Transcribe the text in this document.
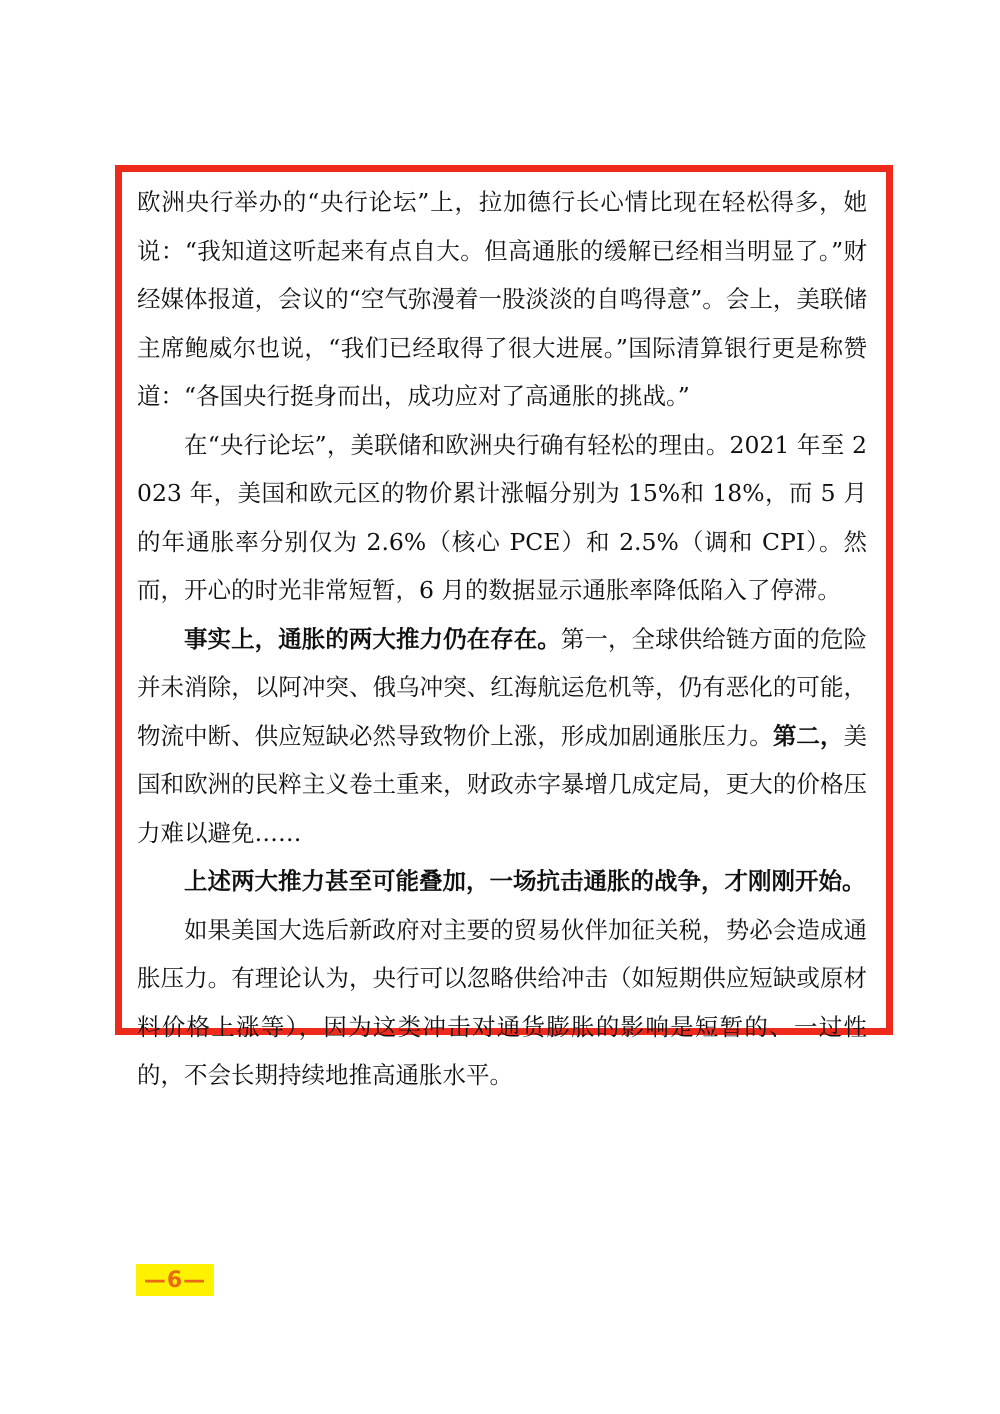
欧洲央行举办的“央行论坛”上，拉加德行长心情比现在轻松得多，她说：“我知道这听起来有点自大。但高通胀的缓解已经相当明显了。”财经媒体报道，会议的“空气弥漫着一股淡淡的自鸣得意”。会上，美联储主席鲍威尔也说，“我们已经取得了很大进展。”国际清算银行更是称赞道：“各国央行挺身而出，成功应对了高通胀的挑战。”

在“央行论坛”，美联储和欧洲央行确有轻松的理由。2021 年至 2023 年，美国和欧元区的物价累计涨幅分别为 15%和 18%，而 5 月的年通胀率分别仅为 2.6%（核心 PCE）和 2.5%（调和 CPI）。然而，开心的时光非常短暂，6 月的数据显示通胀率降低陷入了停滞。

事实上，通胀的两大推力仍在存在。第一，全球供给链方面的危险并未消除，以阿冲突、俄乌冲突、红海航运危机等，仍有恶化的可能，物流中断、供应短缺必然导致物价上涨，形成加剧通胀压力。第二，美国和欧洲的民粹主义卷土重来，财政赤字暴增几成定局，更大的价格压力难以避免……

上述两大推力甚至可能叠加，一场抗击通胀的战争，才刚刚开始。

如果美国大选后新政府对主要的贸易伙伴加征关税，势必会造成通胀压力。有理论认为，央行可以忽略供给冲击（如短期供应短缺或原材料价格上涨等），因为这类冲击对通货膨胀的影响是短暂的、一过性的，不会长期持续地推高通胀水平。

—6—
